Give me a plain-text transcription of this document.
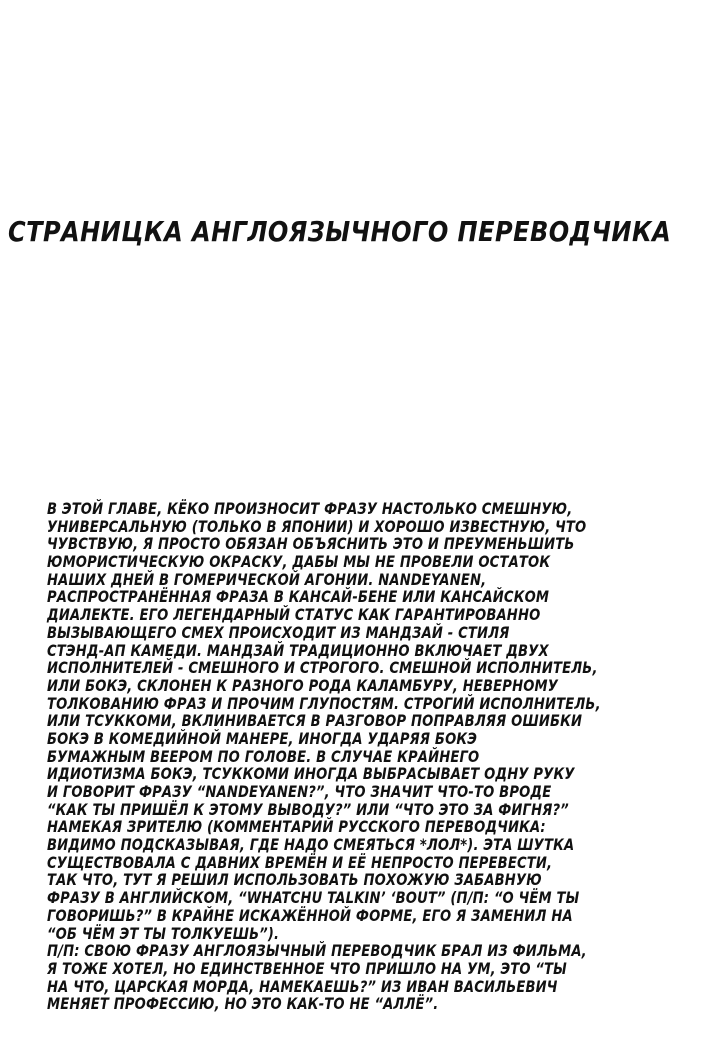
СТРАНИЦКА АНГЛОЯЗЫЧНОГО ПЕРЕВОДЧИКА
В ЭТОЙ ГЛАВЕ, КЁКО ПРОИЗНОСИТ ФРАЗУ НАСТОЛЬКО СМЕШНУЮ,
УНИВЕРСАЛЬНУЮ (ТОЛЬКО В ЯПОНИИ) И ХОРОШО ИЗВЕСТНУЮ, ЧТО
ЧУВСТВУЮ, Я ПРОСТО ОБЯЗАН ОБЪЯСНИТЬ ЭТО И ПРЕУМЕНЬШИТЬ
ЮМОРИСТИЧЕСКУЮ ОКРАСКУ, ДАБЫ МЫ НЕ ПРОВЕЛИ ОСТАТОК
НАШИХ ДНЕЙ В ГОМЕРИЧЕСКОЙ АГОНИИ. NANDEYANEN,
РАСПРОСТРАНЁННАЯ ФРАЗА В КАНСАЙ-БЕНЕ ИЛИ КАНСАЙСКОМ
ДИАЛЕКТЕ. ЕГО ЛЕГЕНДАРНЫЙ СТАТУС КАК ГАРАНТИРОВАННО
ВЫЗЫВАЮЩЕГО СМЕХ ПРОИСХОДИТ ИЗ МАНДЗАЙ - СТИЛЯ
СТЭНД-АП КАМЕДИ. МАНДЗАЙ ТРАДИЦИОННО ВКЛЮЧАЕТ ДВУХ
ИСПОЛНИТЕЛЕЙ - СМЕШНОГО И СТРОГОГО. СМЕШНОЙ ИСПОЛНИТЕЛЬ,
ИЛИ БОКЭ, СКЛОНЕН К РАЗНОГО РОДА КАЛАМБУРУ, НЕВЕРНОМУ
ТОЛКОВАНИЮ ФРАЗ И ПРОЧИМ ГЛУПОСТЯМ. СТРОГИЙ ИСПОЛНИТЕЛЬ,
ИЛИ ТСУККОМИ, ВКЛИНИВАЕТСЯ В РАЗГОВОР ПОПРАВЛЯЯ ОШИБКИ
БОКЭ В КОМЕДИЙНОЙ МАНЕРЕ, ИНОГДА УДАРЯЯ БОКЭ
БУМАЖНЫМ ВЕЕРОМ ПО ГОЛОВЕ. В СЛУЧАЕ КРАЙНЕГО
ИДИОТИЗМА БОКЭ, ТСУККОМИ ИНОГДА ВЫБРАСЫВАЕТ ОДНУ РУКУ
И ГОВОРИТ ФРАЗУ “NANDEYANEN?”, ЧТО ЗНАЧИТ ЧТО-ТО ВРОДЕ
“КАК ТЫ ПРИШЁЛ К ЭТОМУ ВЫВОДУ?” ИЛИ “ЧТО ЭТО ЗА ФИГНЯ?”
НАМЕКАЯ ЗРИТЕЛЮ (КОММЕНТАРИЙ РУССКОГО ПЕРЕВОДЧИКА:
ВИДИМО ПОДСКАЗЫВАЯ, ГДЕ НАДО СМЕЯТЬСЯ *ЛОЛ*). ЭТА ШУТКА
СУЩЕСТВОВАЛА С ДАВНИХ ВРЕМЁН И ЕЁ НЕПРОСТО ПЕРЕВЕСТИ,
ТАК ЧТО, ТУТ Я РЕШИЛ ИСПОЛЬЗОВАТЬ ПОХОЖУЮ ЗАБАВНУЮ
ФРАЗУ В АНГЛИЙСКОМ, “WHATCHU TALKIN’ ‘BOUT” (П/П: “О ЧЁМ ТЫ
ГОВОРИШЬ?” В КРАЙНЕ ИСКАЖЁННОЙ ФОРМЕ, ЕГО Я ЗАМЕНИЛ НА
“ОБ ЧЁМ ЭТ ТЫ ТОЛКУЕШЬ”).
П/П: СВОЮ ФРАЗУ АНГЛОЯЗЫЧНЫЙ ПЕРЕВОДЧИК БРАЛ ИЗ ФИЛЬМА,
Я ТОЖЕ ХОТЕЛ, НО ЕДИНСТВЕННОЕ ЧТО ПРИШЛО НА УМ, ЭТО “ТЫ
НА ЧТО, ЦАРСКАЯ МОРДА, НАМЕКАЕШЬ?” ИЗ ИВАН ВАСИЛЬЕВИЧ
МЕНЯЕТ ПРОФЕССИЮ, НО ЭТО КАК-ТО НЕ “АЛЛЁ”.
